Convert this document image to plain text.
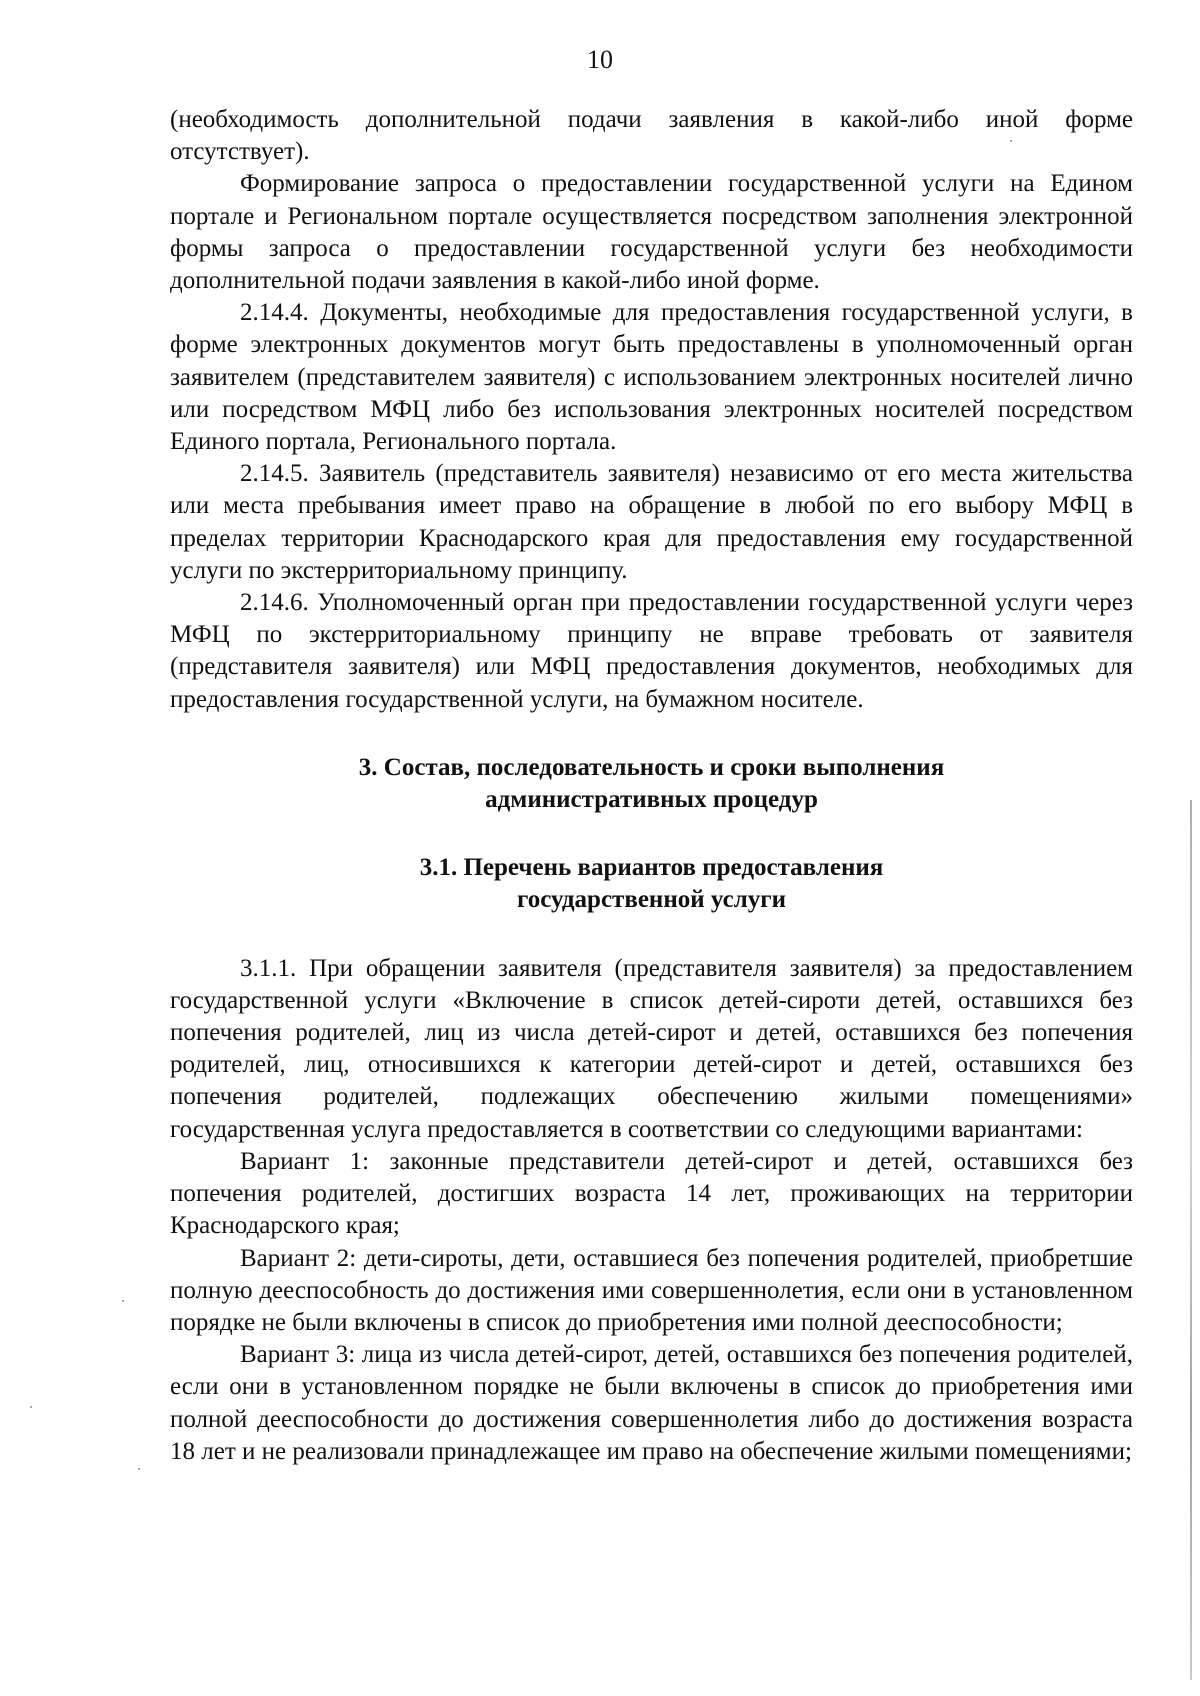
10

(необходимость дополнительной подачи заявления в какой-либо иной форме отсутствует).

Формирование запроса о предоставлении государственной услуги на Едином портале и Региональном портале осуществляется посредством заполнения электронной формы запроса о предоставлении государственной услуги без необходимости дополнительной подачи заявления в какой-либо иной форме.

2.14.4. Документы, необходимые для предоставления государственной услуги, в форме электронных документов могут быть предоставлены в уполномоченный орган заявителем (представителем заявителя) с использованием электронных носителей лично или посредством МФЦ либо без использования электронных носителей посредством Единого портала, Регионального портала.

2.14.5. Заявитель (представитель заявителя) независимо от его места жительства или места пребывания имеет право на обращение в любой по его выбору МФЦ в пределах территории Краснодарского края для предоставления ему государственной услуги по экстерриториальному принципу.

2.14.6. Уполномоченный орган при предоставлении государственной услуги через МФЦ по экстерриториальному принципу не вправе требовать от заявителя (представителя заявителя) или МФЦ предоставления документов, необходимых для предоставления государственной услуги, на бумажном носителе.

3. Состав, последовательность и сроки выполнения
административных процедур
3.1. Перечень вариантов предоставления
государственной услуги

3.1.1. При обращении заявителя (представителя заявителя) за предоставлением государственной услуги «Включение в список детей-сироти детей, оставшихся без попечения родителей, лиц из числа детей-сирот и детей, оставшихся без попечения родителей, лиц, относившихся к категории детей-сирот и детей, оставшихся без попечения родителей, подлежащих обеспечению жилыми помещениями» государственная услуга предоставляется в соответствии со следующими вариантами:

Вариант 1: законные представители детей-сирот и детей, оставшихся без попечения родителей, достигших возраста 14 лет, проживающих на территории Краснодарского края;

Вариант 2: дети-сироты, дети, оставшиеся без попечения родителей, приобретшие полную дееспособность до достижения ими совершеннолетия, если они в установленном порядке не были включены в список до приобретения ими полной дееспособности;

Вариант 3: лица из числа детей-сирот, детей, оставшихся без попечения родителей, если они в установленном порядке не были включены в список до приобретения ими полной дееспособности до достижения совершеннолетия либо до достижения возраста 18 лет и не реализовали принадлежащее им право на обеспечение жилыми помещениями;
